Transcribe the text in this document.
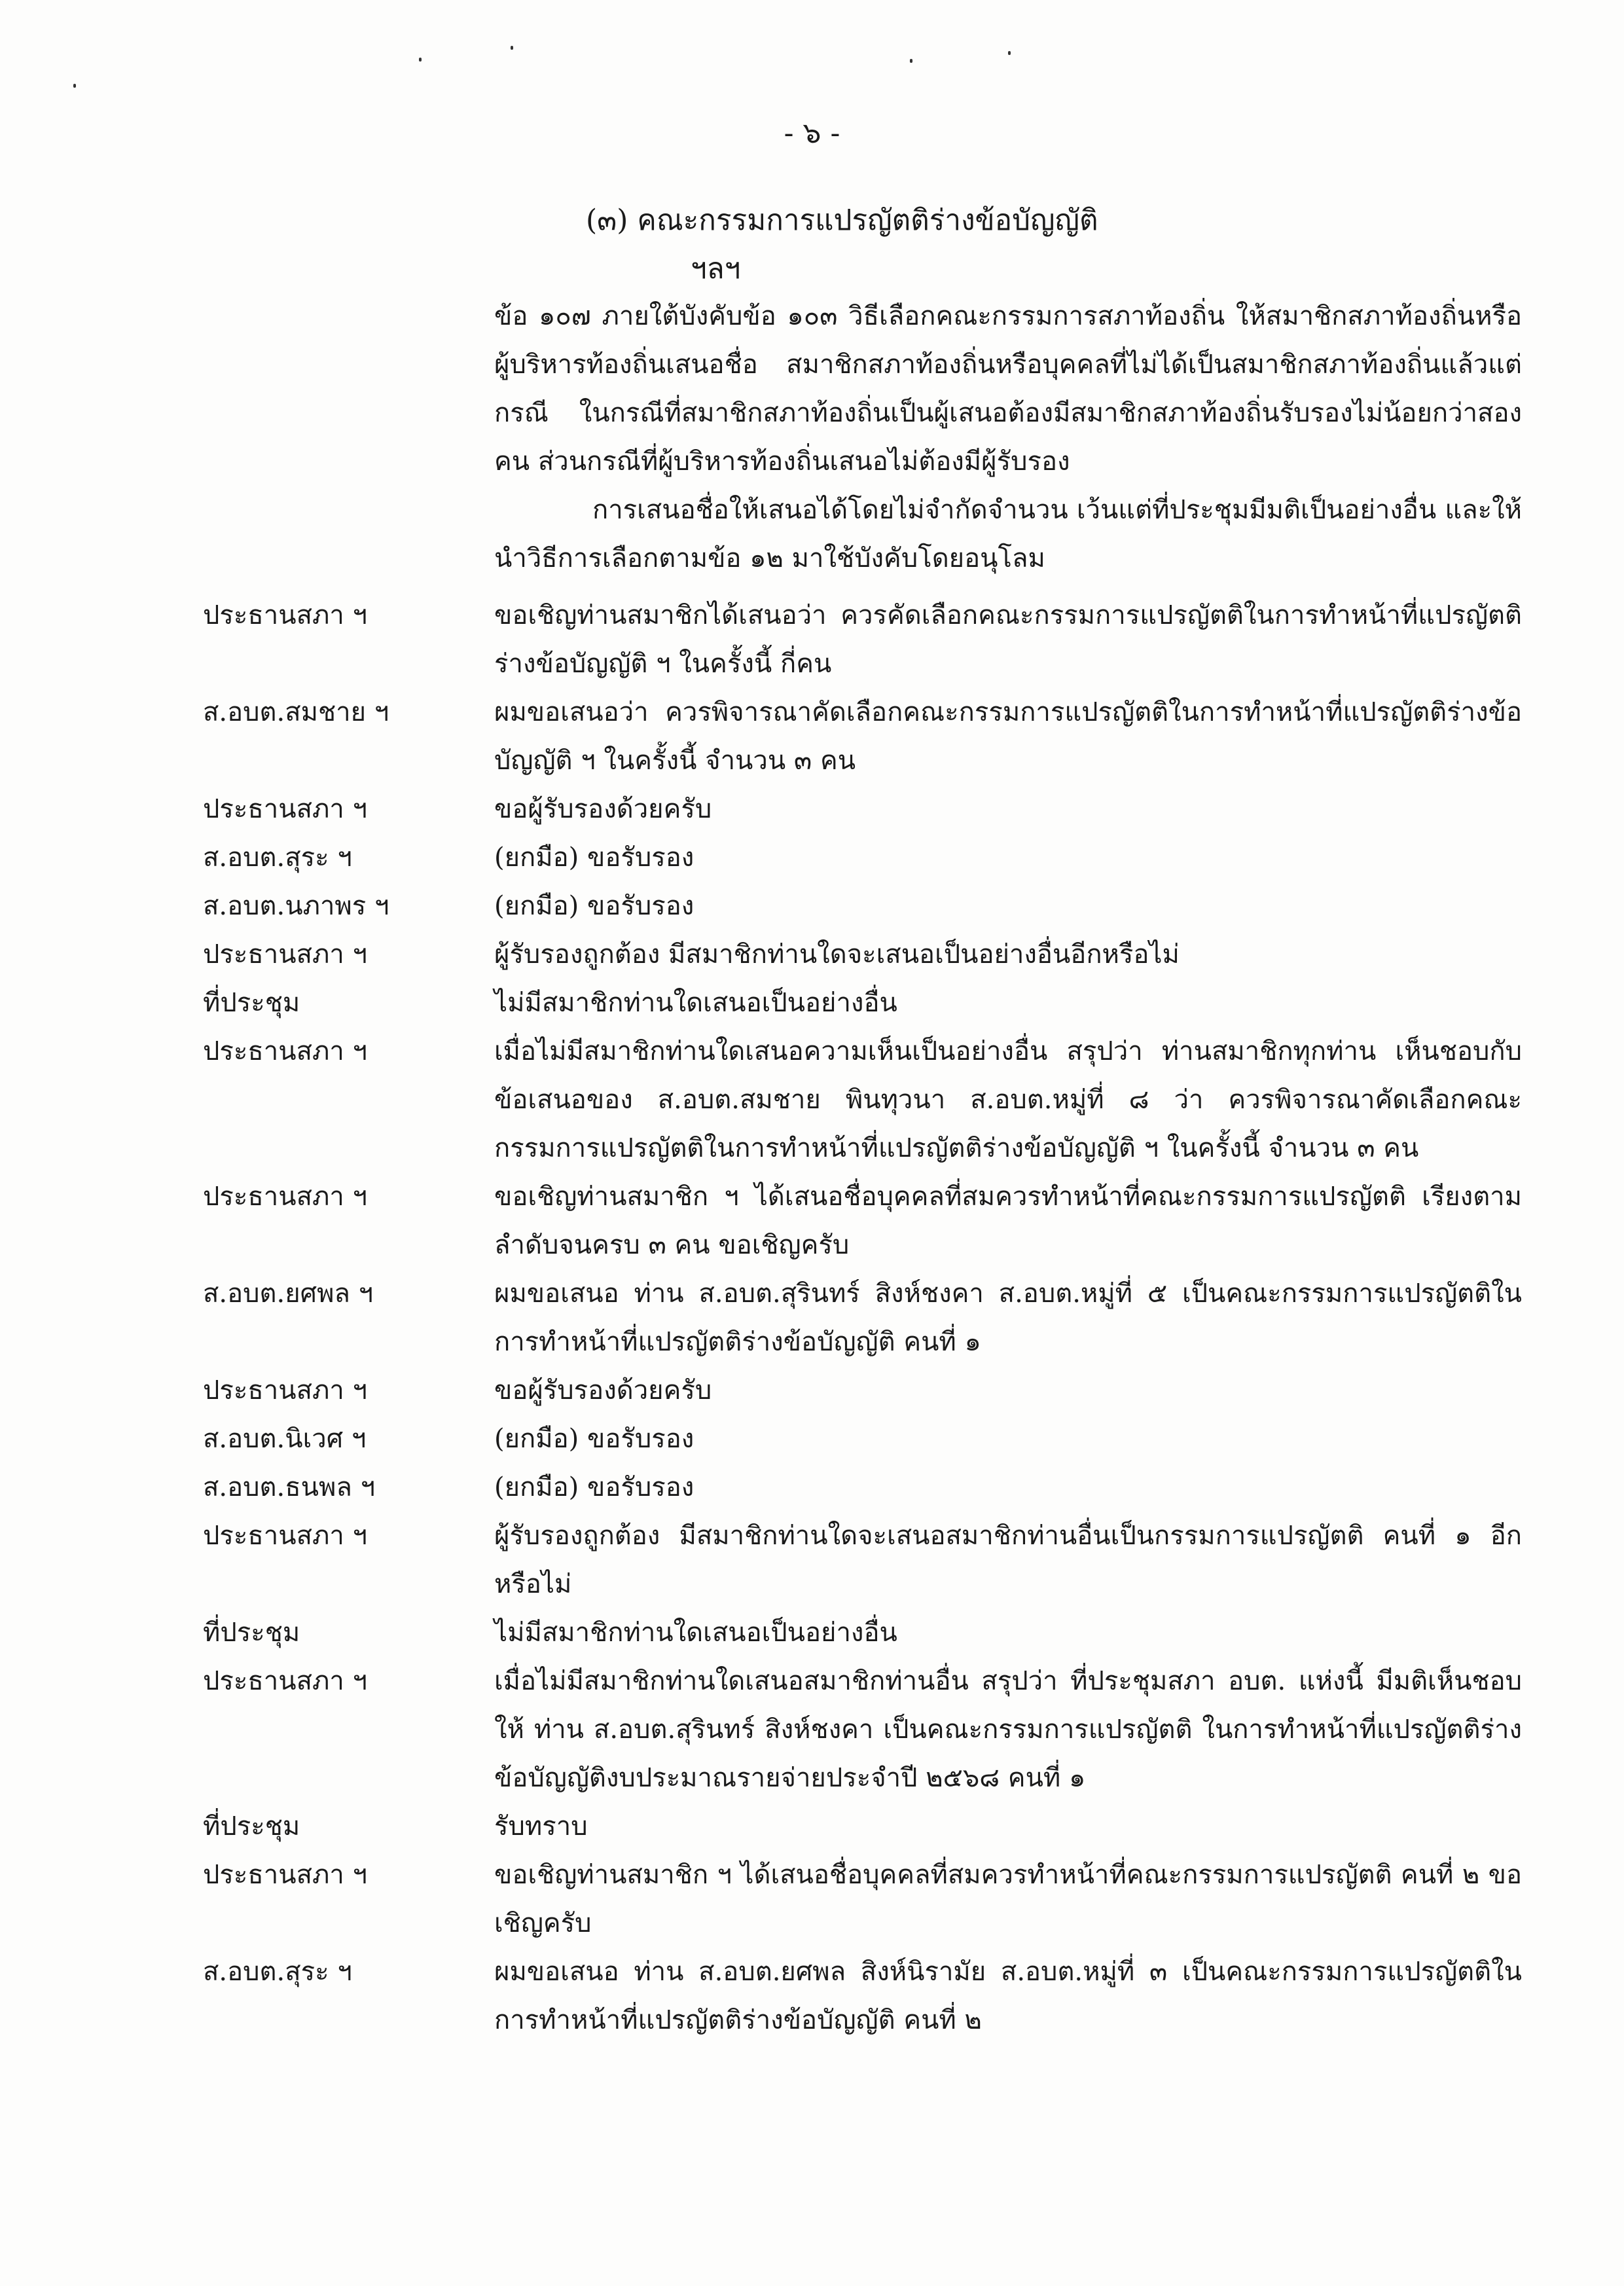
- ๖ -
(๓) คณะกรรมการแปรญัตติร่างข้อบัญญัติ
ฯลฯ

ข้อ ๑๐๗ ภายใต้บังคับข้อ ๑๐๓ วิธีเลือกคณะกรรมการสภาท้องถิ่น ให้สมาชิกสภาท้องถิ่นหรือผู้บริหารท้องถิ่นเสนอชื่อ สมาชิกสภาท้องถิ่นหรือบุคคลที่ไม่ได้เป็นสมาชิกสภาท้องถิ่นแล้วแต่กรณี ในกรณีที่สมาชิกสภาท้องถิ่นเป็นผู้เสนอต้องมีสมาชิกสภาท้องถิ่นรับรองไม่น้อยกว่าสองคน ส่วนกรณีที่ผู้บริหารท้องถิ่นเสนอไม่ต้องมีผู้รับรอง

การเสนอชื่อให้เสนอได้โดยไม่จำกัดจำนวน เว้นแต่ที่ประชุมมีมติเป็นอย่างอื่น และให้นำวิธีการเลือกตามข้อ ๑๒ มาใช้บังคับโดยอนุโลม

ประธานสภา ฯ	ขอเชิญท่านสมาชิกได้เสนอว่า ควรคัดเลือกคณะกรรมการแปรญัตติในการทำหน้าที่แปรญัตติร่างข้อบัญญัติ ฯ ในครั้งนี้ กี่คน
ส.อบต.สมชาย ฯ	ผมขอเสนอว่า ควรพิจารณาคัดเลือกคณะกรรมการแปรญัตติในการทำหน้าที่แปรญัตติร่างข้อบัญญัติ ฯ ในครั้งนี้ จำนวน ๓ คน
ประธานสภา ฯ	ขอผู้รับรองด้วยครับ
ส.อบต.สุระ ฯ	(ยกมือ) ขอรับรอง
ส.อบต.นภาพร ฯ	(ยกมือ) ขอรับรอง
ประธานสภา ฯ	ผู้รับรองถูกต้อง มีสมาชิกท่านใดจะเสนอเป็นอย่างอื่นอีกหรือไม่
ที่ประชุม	ไม่มีสมาชิกท่านใดเสนอเป็นอย่างอื่น
ประธานสภา ฯ	เมื่อไม่มีสมาชิกท่านใดเสนอความเห็นเป็นอย่างอื่น สรุปว่า ท่านสมาชิกทุกท่าน เห็นชอบกับข้อเสนอของ ส.อบต.สมชาย พินทุวนา ส.อบต.หมู่ที่ ๘ ว่า ควรพิจารณาคัดเลือกคณะกรรมการแปรญัตติในการทำหน้าที่แปรญัตติร่างข้อบัญญัติ ฯ ในครั้งนี้ จำนวน ๓ คน
ประธานสภา ฯ	ขอเชิญท่านสมาชิก ฯ ได้เสนอชื่อบุคคลที่สมควรทำหน้าที่คณะกรรมการแปรญัตติ เรียงตามลำดับจนครบ ๓ คน ขอเชิญครับ
ส.อบต.ยศพล ฯ	ผมขอเสนอ ท่าน ส.อบต.สุรินทร์ สิงห์ชงคา ส.อบต.หมู่ที่ ๕ เป็นคณะกรรมการแปรญัตติในการทำหน้าที่แปรญัตติร่างข้อบัญญัติ คนที่ ๑
ประธานสภา ฯ	ขอผู้รับรองด้วยครับ
ส.อบต.นิเวศ ฯ	(ยกมือ) ขอรับรอง
ส.อบต.ธนพล ฯ	(ยกมือ) ขอรับรอง
ประธานสภา ฯ	ผู้รับรองถูกต้อง มีสมาชิกท่านใดจะเสนอสมาชิกท่านอื่นเป็นกรรมการแปรญัตติ คนที่ ๑ อีกหรือไม่
ที่ประชุม	ไม่มีสมาชิกท่านใดเสนอเป็นอย่างอื่น
ประธานสภา ฯ	เมื่อไม่มีสมาชิกท่านใดเสนอสมาชิกท่านอื่น สรุปว่า ที่ประชุมสภา อบต. แห่งนี้ มีมติเห็นชอบให้ ท่าน ส.อบต.สุรินทร์ สิงห์ชงคา เป็นคณะกรรมการแปรญัตติ ในการทำหน้าที่แปรญัตติร่างข้อบัญญัติงบประมาณรายจ่ายประจำปี ๒๕๖๘ คนที่ ๑
ที่ประชุม	รับทราบ
ประธานสภา ฯ	ขอเชิญท่านสมาชิก ฯ ได้เสนอชื่อบุคคลที่สมควรทำหน้าที่คณะกรรมการแปรญัตติ คนที่ ๒ ขอเชิญครับ
ส.อบต.สุระ ฯ	ผมขอเสนอ ท่าน ส.อบต.ยศพล สิงห์นิรามัย ส.อบต.หมู่ที่ ๓ เป็นคณะกรรมการแปรญัตติในการทำหน้าที่แปรญัตติร่างข้อบัญญัติ คนที่ ๒
